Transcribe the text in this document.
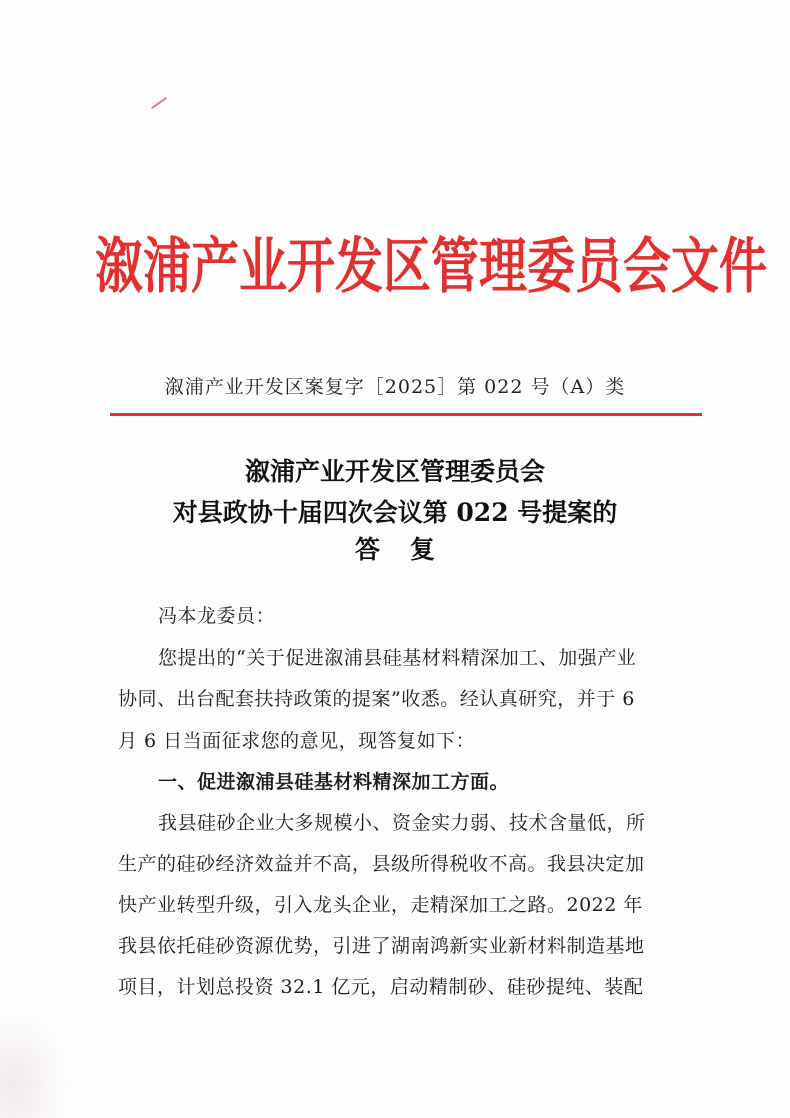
溆浦产业开发区管理委员会文件
溆浦产业开发区案复字［2025］第 022 号（A）类
溆浦产业开发区管理委员会
对县政协十届四次会议第 022 号提案的
答复
冯本龙委员：
您提出的“关于促进溆浦县硅基材料精深加工、加强产业
协同、出台配套扶持政策的提案”收悉。经认真研究，并于 6
月 6 日当面征求您的意见，现答复如下：
一、促进溆浦县硅基材料精深加工方面。
我县硅砂企业大多规模小、资金实力弱、技术含量低，所
生产的硅砂经济效益并不高，县级所得税收不高。我县决定加
快产业转型升级，引入龙头企业，走精深加工之路。2022 年
我县依托硅砂资源优势，引进了湖南鸿新实业新材料制造基地
项目，计划总投资 32.1 亿元，启动精制砂、硅砂提纯、装配
